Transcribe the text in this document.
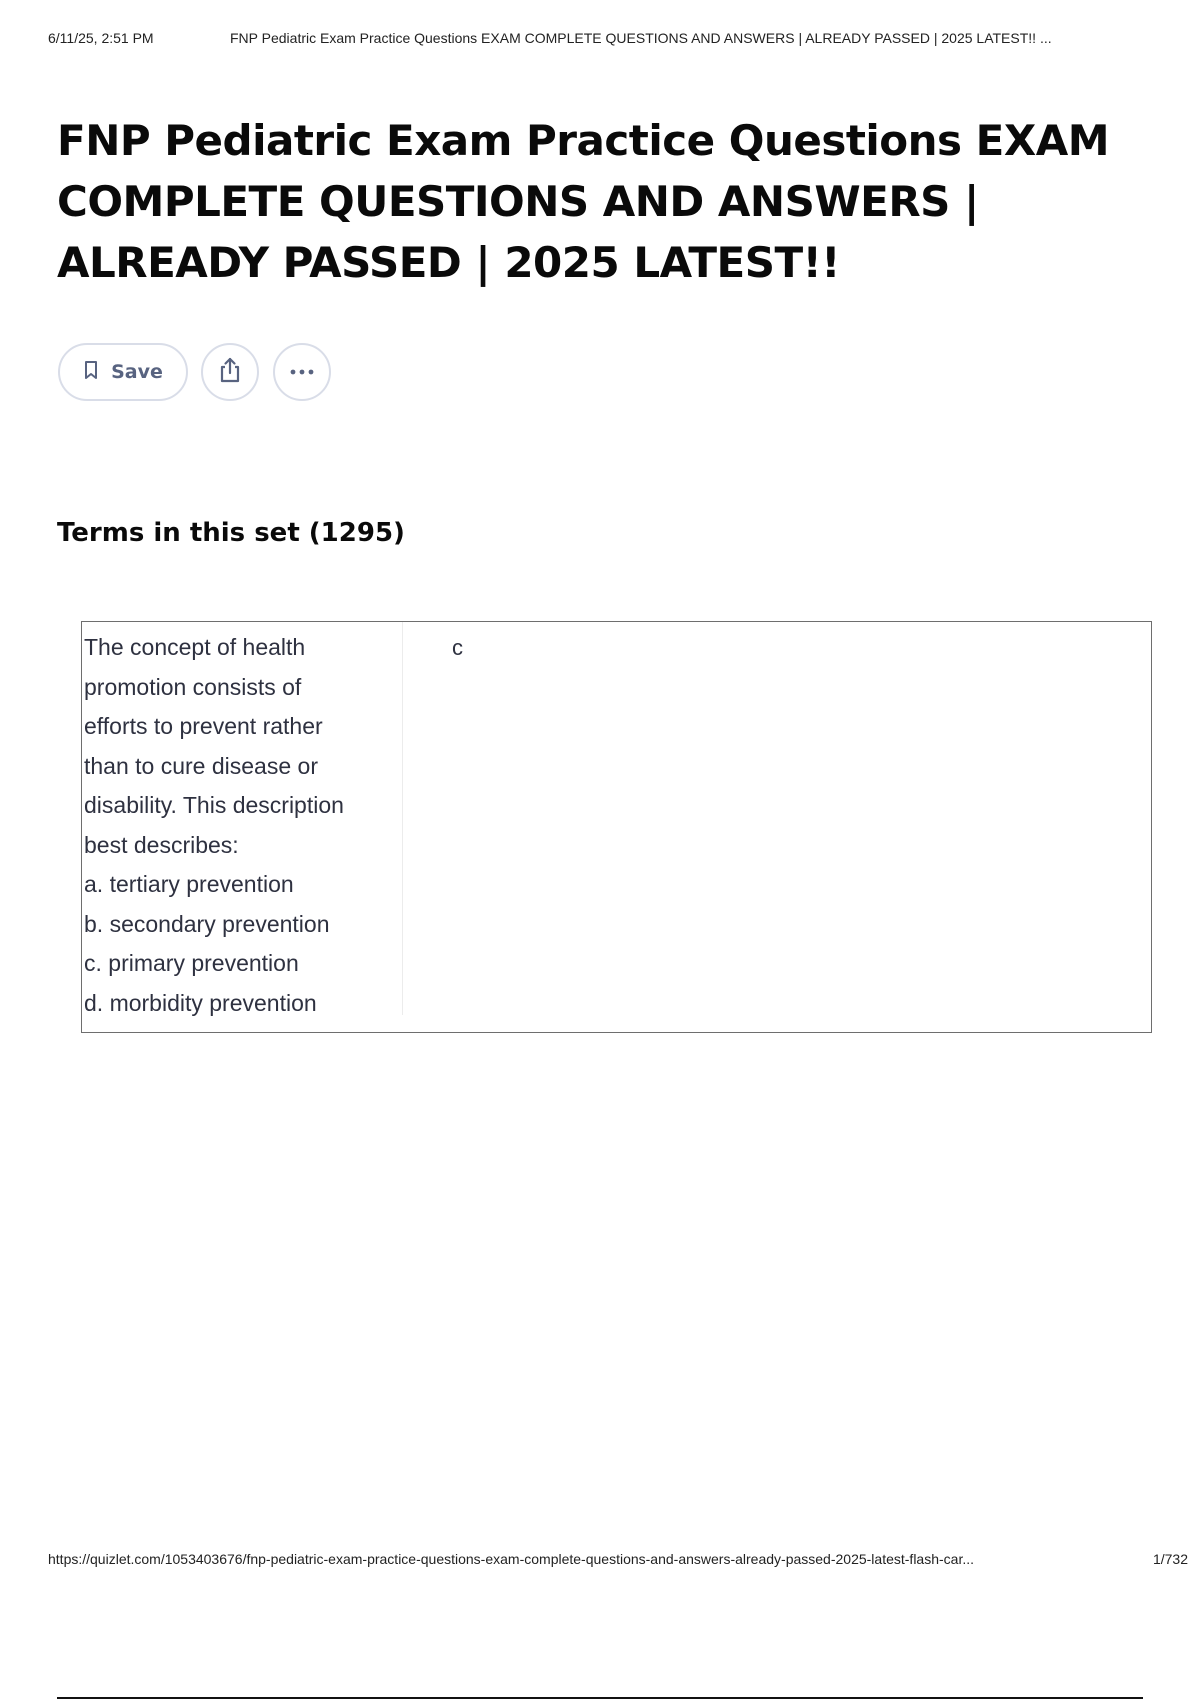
6/11/25, 2:51 PM	FNP Pediatric Exam Practice Questions EXAM COMPLETE QUESTIONS AND ANSWERS | ALREADY PASSED | 2025 LATEST!! ...
FNP Pediatric Exam Practice Questions EXAM COMPLETE QUESTIONS AND ANSWERS | ALREADY PASSED | 2025 LATEST!!
Save
Terms in this set (1295)
The concept of health
promotion consists of
efforts to prevent rather
than to cure disease or
disability. This description
best describes:
a. tertiary prevention
b. secondary prevention
c. primary prevention
d. morbidity prevention
c
https://quizlet.com/1053403676/fnp-pediatric-exam-practice-questions-exam-complete-questions-and-answers-already-passed-2025-latest-flash-car...	1/732
